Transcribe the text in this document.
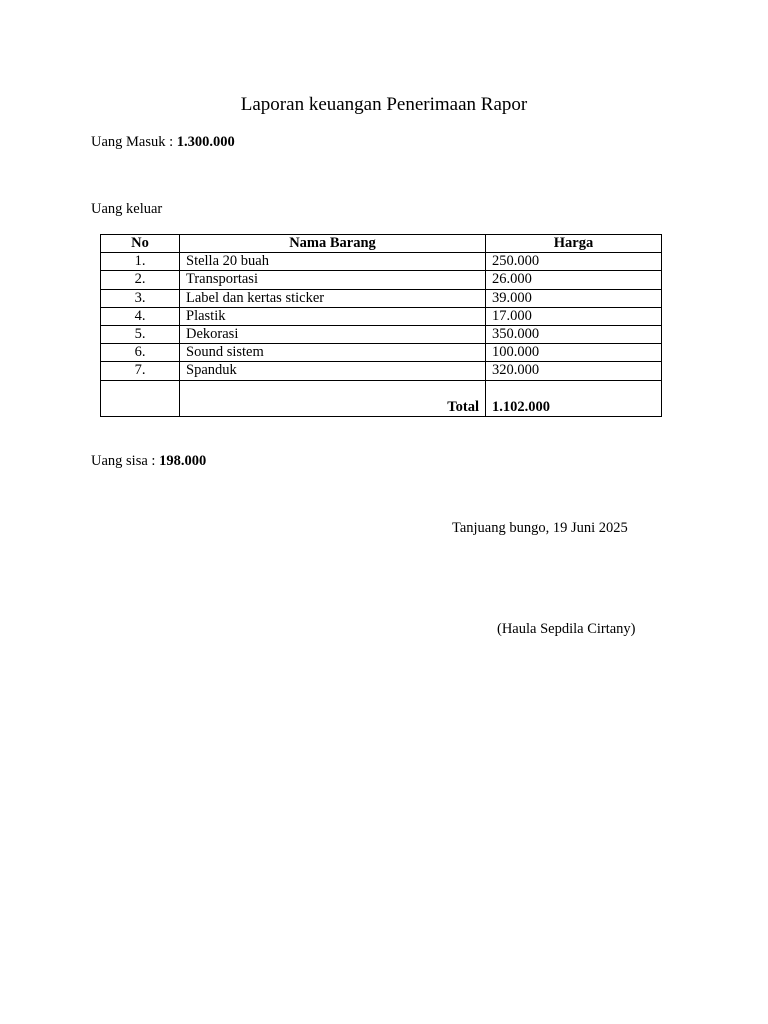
Laporan keuangan Penerimaan Rapor
Uang Masuk : 1.300.000
Uang keluar
No	Nama Barang	Harga
1.	Stella 20 buah	250.000
2.	Transportasi	26.000
3.	Label dan kertas sticker	39.000
4.	Plastik	17.000
5.	Dekorasi	350.000
6.	Sound sistem	100.000
7.	Spanduk	320.000
	Total	1.102.000
Uang sisa : 198.000
Tanjuang bungo, 19 Juni 2025
(Haula Sepdila Cirtany)
